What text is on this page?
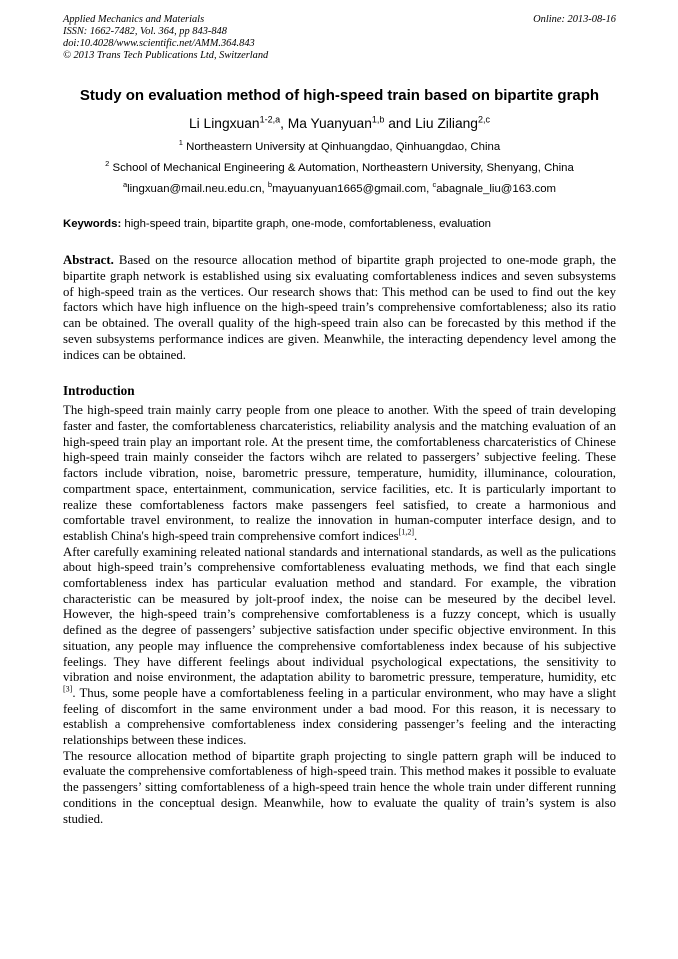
Applied Mechanics and Materials
ISSN: 1662-7482, Vol. 364, pp 843-848
doi:10.4028/www.scientific.net/AMM.364.843
© 2013 Trans Tech Publications Ltd, Switzerland
Online: 2013-08-16
Study on evaluation method of high-speed train based on bipartite graph
Li Lingxuan$^{1-2,a}$, Ma Yuanyuan$^{1,b}$ and Liu Ziliang$^{2,c}$
$^1$ Northeastern University at Qinhuangdao, Qinhuangdao, China
$^2$ School of Mechanical Engineering & Automation, Northeastern University, Shenyang, China
$^a$lingxuan@mail.neu.edu.cn, $^b$mayuanyuan1665@gmail.com, $^c$abagnale_liu@163.com
Keywords: high-speed train, bipartite graph, one-mode, comfortableness, evaluation
Abstract. Based on the resource allocation method of bipartite graph projected to one-mode graph, the bipartite graph network is established using six evaluating comfortableness indices and seven subsystems of high-speed train as the vertices. Our research shows that: This method can be used to find out the key factors which have high influence on the high-speed train’s comprehensive comfortableness; also its ratio can be obtained. The overall quality of the high-speed train also can be forecasted by this method if the seven subsystems performance indices are given. Meanwhile, the interacting dependency level among the indices can be obtained.
Introduction

The high-speed train mainly carry people from one pleace to another. With the speed of train developing faster and faster, the comfortableness charcateristics, reliability analysis and the matching evaluation of an high-speed train play an important role. At the present time, the comfortableness charcateristics of Chinese high-speed train mainly conseider the factors wihch are related to passergers’ subjective feeling. These factors include vibration, noise, barometric pressure, temperature, humidity, illuminance, colouration, compartment space, entertainment, communication, service facilities, etc. It is particularly important to realize these comfortableness factors make passengers feel satisfied, to create a harmonious and comfortable travel environment, to realize the innovation in human-computer interface design, and to establish China's high-speed train comprehensive comfort indices[1,2].

After carefully examining releated national standards and international standards, as well as the pulications about high-speed train’s comprehensive comfortableness evaluating methods, we find that each single comfortableness index has particular evaluation method and standard. For example, the vibration characteristic can be measured by jolt-proof index, the noise can be meseured by the decibel level. However, the high-speed train’s comprehensive comfortableness is a fuzzy concept, which is usually defined as the degree of passengers’ subjective satisfaction under specific objective environment. In this situation, any people may influence the comprehensive comfortableness index because of his subjective feelings. They have different feelings about individual psychological expectations, the sensitivity to vibration and noise environment, the adaptation ability to barometric pressure, temperature, humidity, etc [3]. Thus, some people have a comfortableness feeling in a particular environment, who may have a slight feeling of discomfort in the same environment under a bad mood. For this reason, it is necessary to establish a comprehensive comfortableness index considering passenger’s feeling and the interacting relationships between these indices.

The resource allocation method of bipartite graph projecting to single pattern graph will be induced to evaluate the comprehensive comfortableness of high-speed train. This method makes it possible to evaluate the passengers’ sitting comfortableness of a high-speed train hence the whole train under different running conditions in the conceptual design. Meanwhile, how to evaluate the quality of train’s system is also studied.
